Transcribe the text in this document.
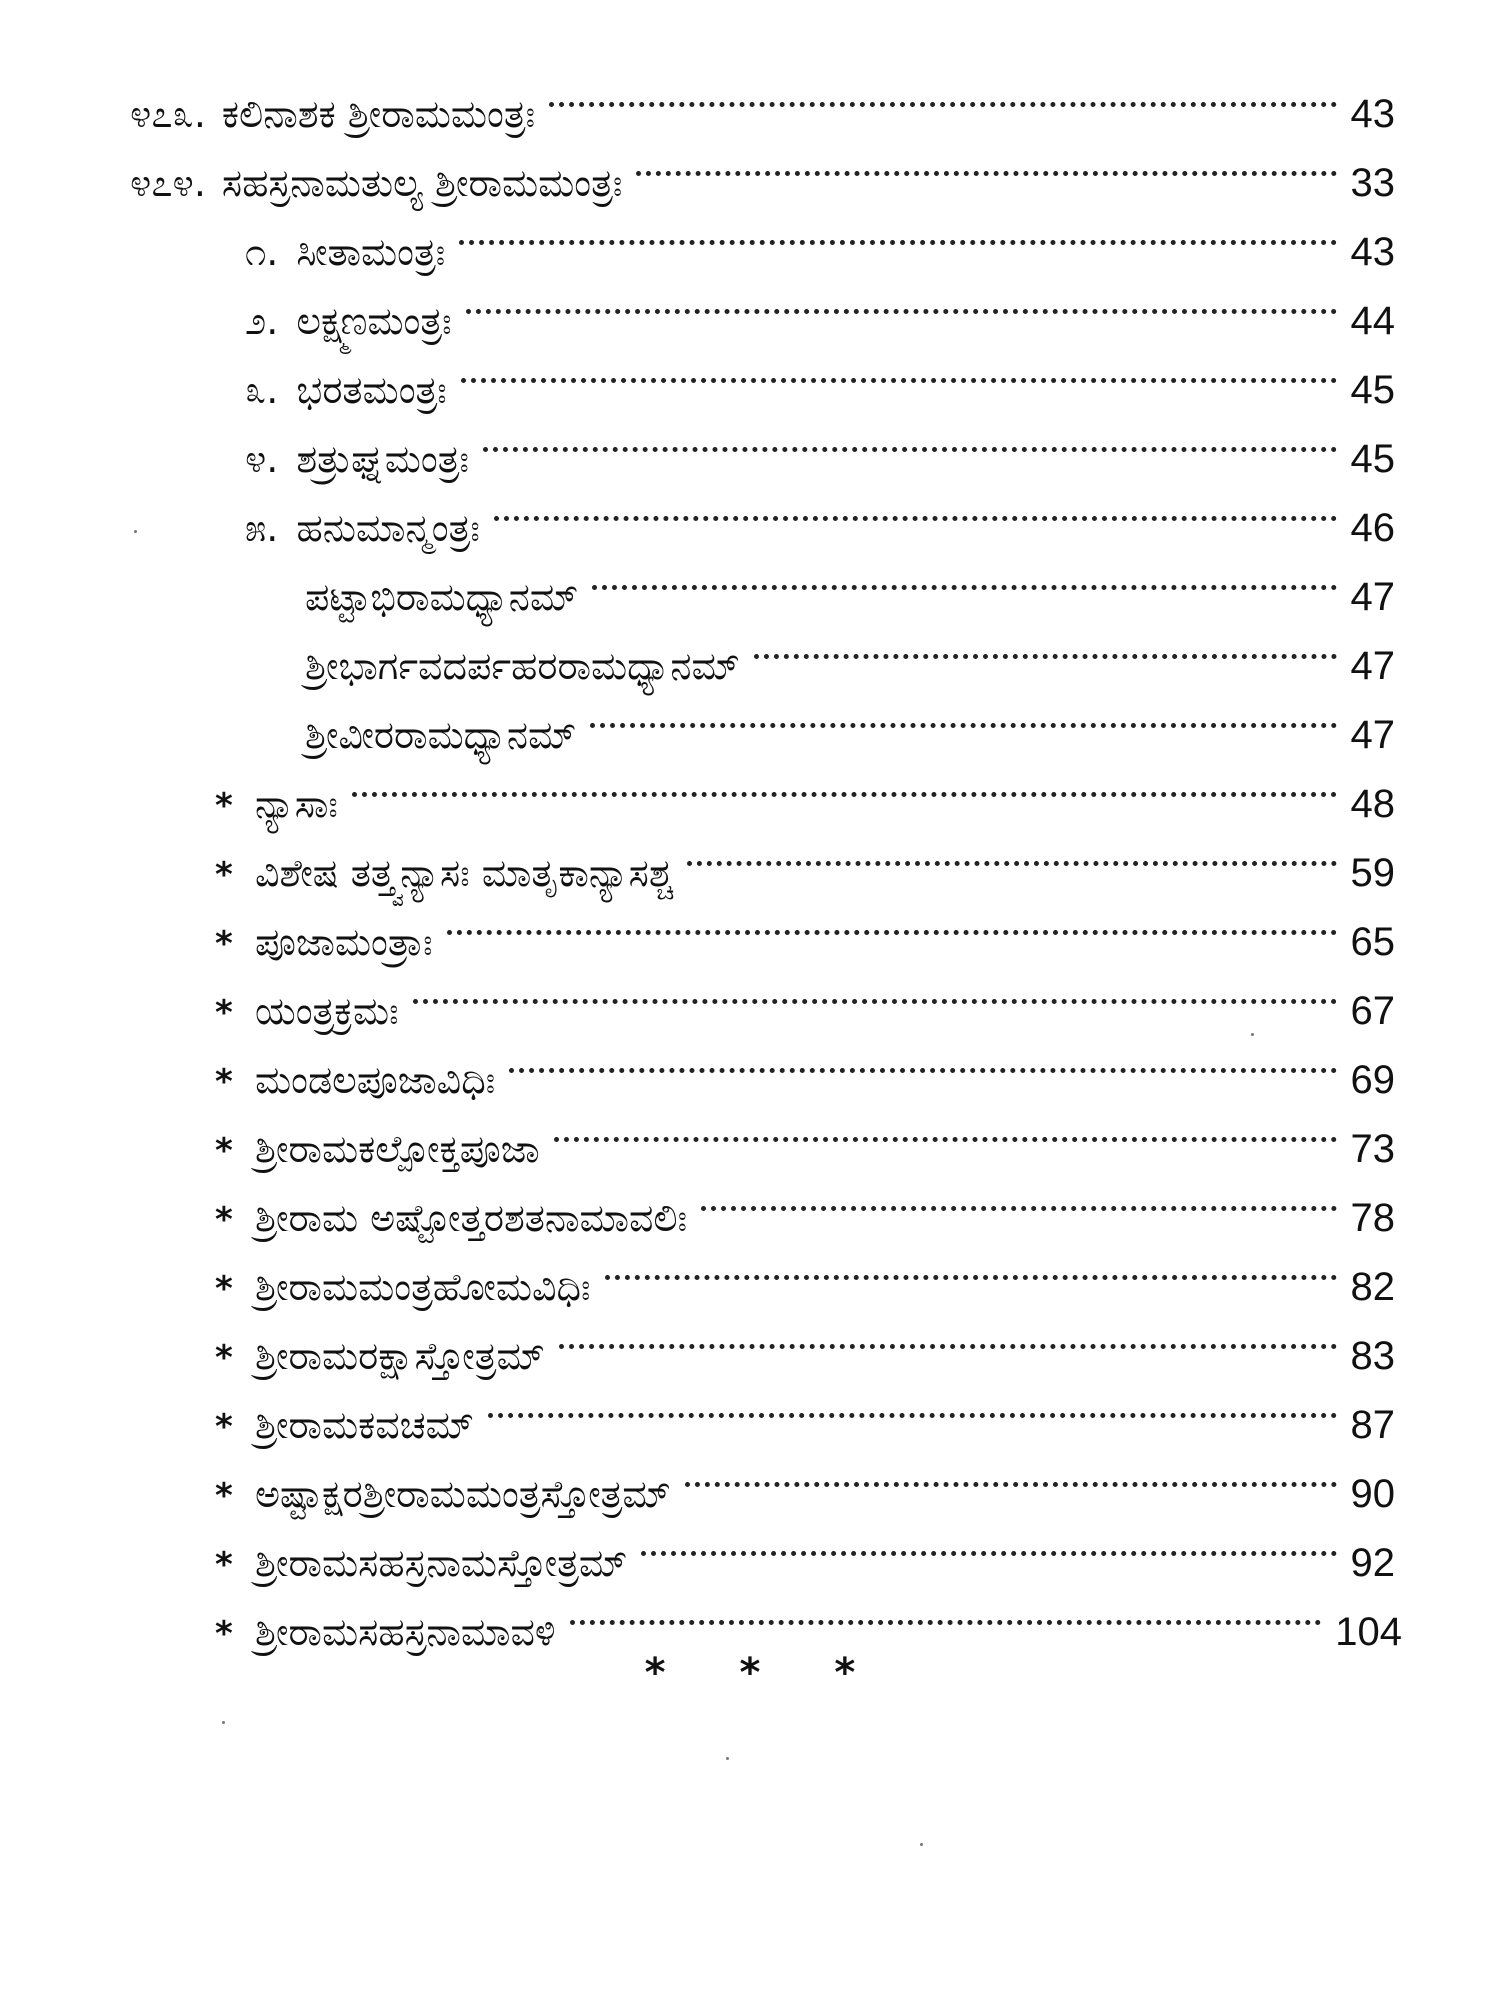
೪೭೩. ಕಲಿನಾಶಕ ಶ್ರೀರಾಮಮಂತ್ರಃ	43
೪೭೪. ಸಹಸ್ರನಾಮತುಲ್ಯ ಶ್ರೀರಾಮಮಂತ್ರಃ	33
೧. ಸೀತಾಮಂತ್ರಃ	43
೨. ಲಕ್ಷ್ಮಣಮಂತ್ರಃ	44
೩. ಭರತಮಂತ್ರಃ	45
೪. ಶತ್ರುಘ್ನಮಂತ್ರಃ	45
೫. ಹನುಮಾನ್ಮಂತ್ರಃ	46
ಪಟ್ಟಾಭಿರಾಮಧ್ಯಾನಮ್	47
ಶ್ರೀಭಾರ್ಗವದರ್ಪಹರರಾಮಧ್ಯಾನಮ್	47
ಶ್ರೀವೀರರಾಮಧ್ಯಾನಮ್	47
* ನ್ಯಾಸಾಃ	48
* ವಿಶೇಷ ತತ್ತ್ವನ್ಯಾಸಃ ಮಾತೃಕಾನ್ಯಾಸಶ್ಚ	59
* ಪೂಜಾಮಂತ್ರಾಃ	65
* ಯಂತ್ರಕ್ರಮಃ	67
* ಮಂಡಲಪೂಜಾವಿಧಿಃ	69
* ಶ್ರೀರಾಮಕಲ್ಪೋಕ್ತಪೂಜಾ	73
* ಶ್ರೀರಾಮ ಅಷ್ಟೋತ್ತರಶತನಾಮಾವಲಿಃ	78
* ಶ್ರೀರಾಮಮಂತ್ರಹೋಮವಿಧಿಃ	82
* ಶ್ರೀರಾಮರಕ್ಷಾಸ್ತೋತ್ರಮ್	83
* ಶ್ರೀರಾಮಕವಚಮ್	87
* ಅಷ್ಟಾಕ್ಷರಶ್ರೀರಾಮಮಂತ್ರಸ್ತೋತ್ರಮ್	90
* ಶ್ರೀರಾಮಸಹಸ್ರನಾಮಸ್ತೋತ್ರಮ್	92
* ಶ್ರೀರಾಮಸಹಸ್ರನಾಮಾವಳಿ	104
* * *
